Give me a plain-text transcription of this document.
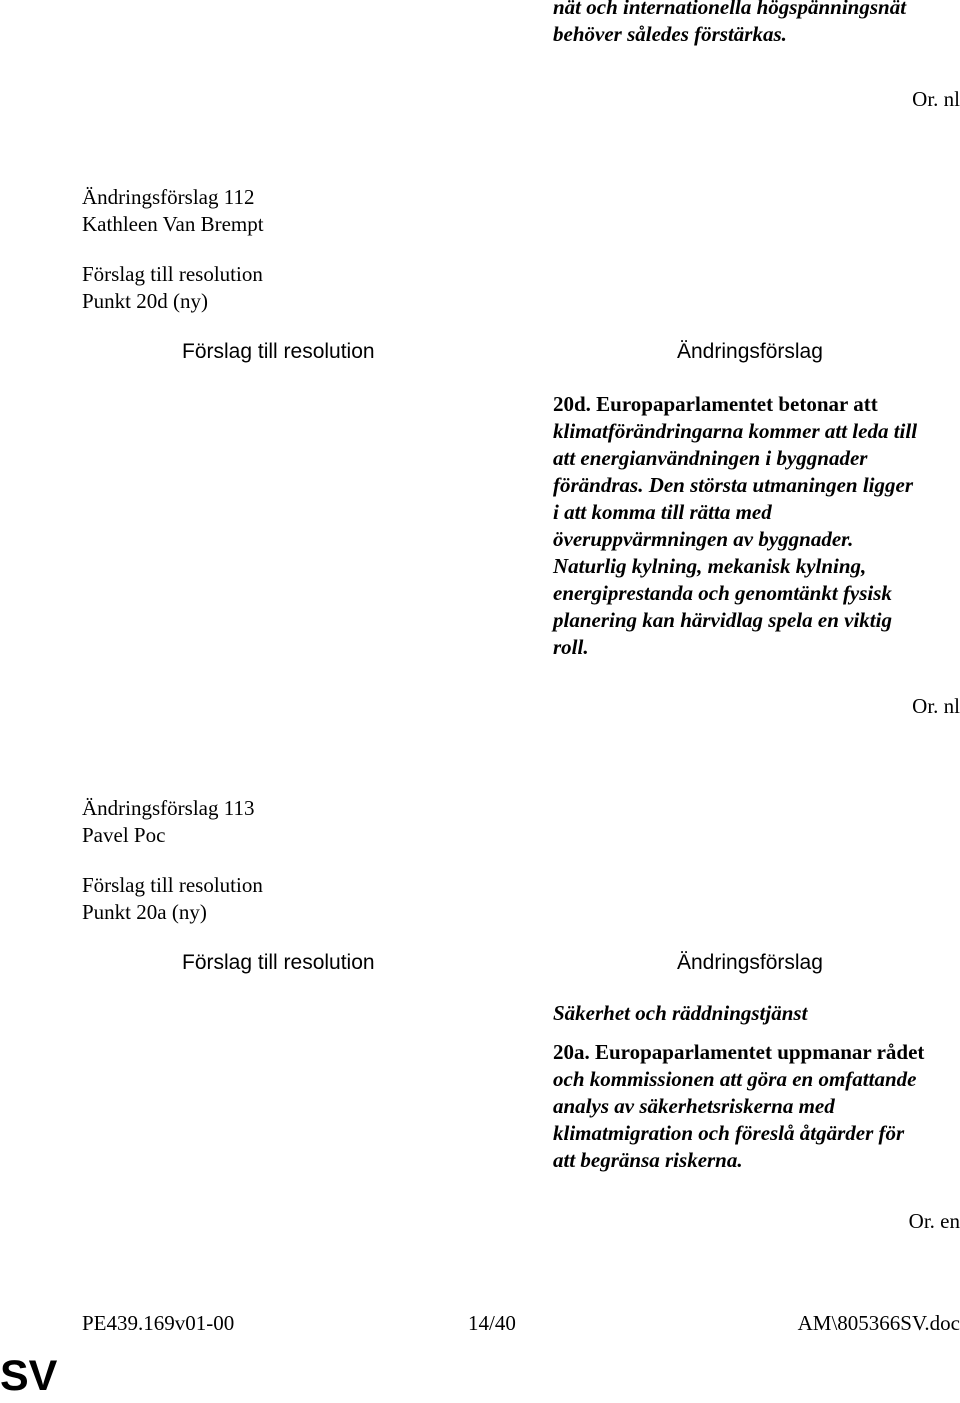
nät och internationella högspänningsnät
behöver således förstärkas.
Or. nl
Ändringsförslag 112
Kathleen Van Brempt
Förslag till resolution
Punkt 20d (ny)
Förslag till resolution	Ändringsförslag
20d. Europaparlamentet betonar att
klimatförändringarna kommer att leda till
att energianvändningen i byggnader
förändras. Den största utmaningen ligger
i att komma till rätta med
överuppvärmningen av byggnader.
Naturlig kylning, mekanisk kylning,
energiprestanda och genomtänkt fysisk
planering kan härvidlag spela en viktig
roll.
Or. nl
Ändringsförslag 113
Pavel Poc
Förslag till resolution
Punkt 20a (ny)
Förslag till resolution	Ändringsförslag
Säkerhet och räddningstjänst
20a. Europaparlamentet uppmanar rådet
och kommissionen att göra en omfattande
analys av säkerhetsriskerna med
klimatmigration och föreslå åtgärder för
att begränsa riskerna.
Or. en
PE439.169v01-00	14/40	AM\805366SV.doc
SV
